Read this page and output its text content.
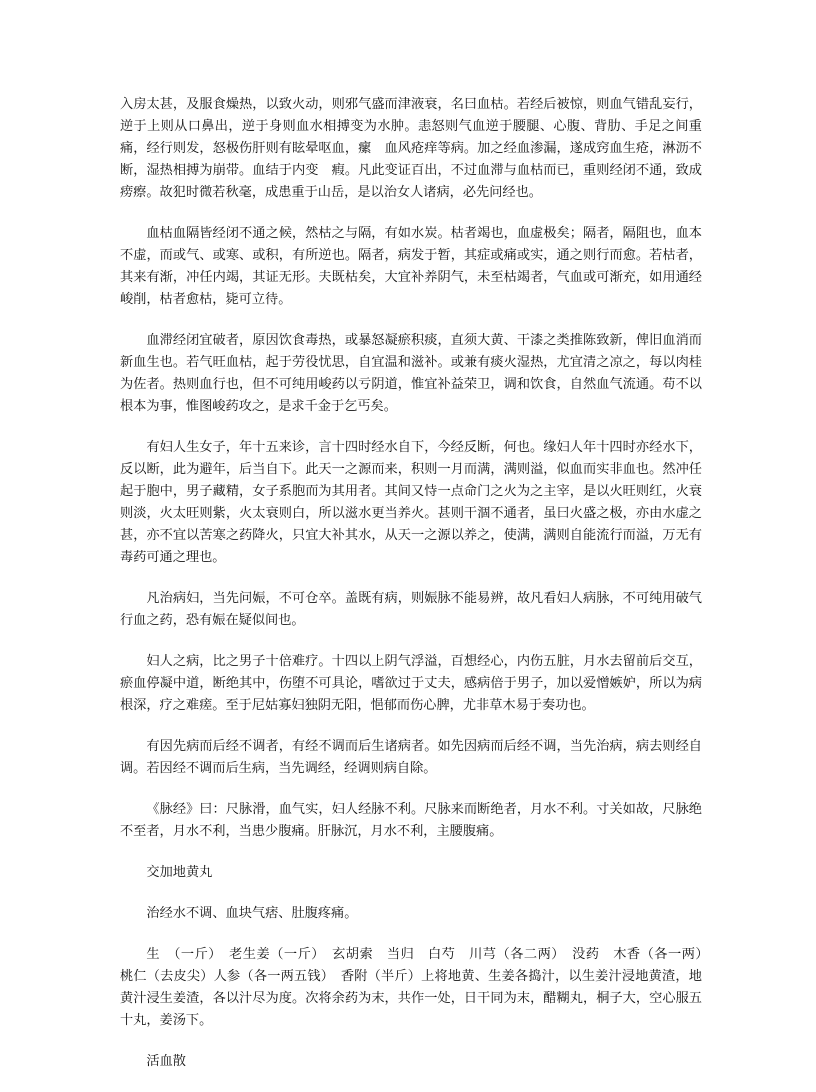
入房太甚，及服食燥热，以致火动，则邪气盛而津液衰，名曰血枯。若经后被惊，则血气错乱妄行，逆于上则从口鼻出，逆于身则血水相搏变为水肿。恚怒则气血逆于腰腿、心腹、背肋、手足之间重痛，经行则发，怒极伤肝则有眩晕呕血，瘰　血风疮痒等病。加之经血渗漏，遂成窍血生疮，淋沥不断，湿热相搏为崩带。血结于内变　瘕。凡此变证百出，不过血滞与血枯而已，重则经闭不通，致成痨瘵。故犯时微若秋毫，成患重于山岳，是以治女人诸病，必先问经也。

血枯血隔皆经闭不通之候，然枯之与隔，有如水炭。枯者竭也，血虚极矣；隔者，隔阻也，血本不虚，而或气、或寒、或积，有所逆也。隔者，病发于暂，其症或痛或实，通之则行而愈。若枯者，其来有渐，冲任内竭，其证无形。夫既枯矣，大宜补养阴气，未至枯竭者，气血或可渐充，如用通经峻削，枯者愈枯，毙可立待。

血滞经闭宜破者，原因饮食毒热，或暴怒凝瘀积痰，直须大黄、干漆之类推陈致新，俾旧血消而新血生也。若气旺血枯，起于劳役忧思，自宜温和滋补。或兼有痰火湿热，尤宜清之凉之，每以肉桂为佐者。热则血行也，但不可纯用峻药以亏阴道，惟宜补益荣卫，调和饮食，自然血气流通。苟不以根本为事，惟图峻药攻之，是求千金于乞丐矣。

有妇人生女子，年十五来诊，言十四时经水自下，今经反断，何也。缘妇人年十四时亦经水下，反以断，此为避年，后当自下。此天一之源而来，积则一月而满，满则溢，似血而实非血也。然冲任起于胞中，男子藏精，女子系胞而为其用者。其间又恃一点命门之火为之主宰，是以火旺则红，火衰则淡，火太旺则紫，火太衰则白，所以滋水更当养火。甚则干涸不通者，虽曰火盛之极，亦由水虚之甚，亦不宜以苦寒之药降火，只宜大补其水，从天一之源以养之，使满，满则自能流行而溢，万无有毒药可通之理也。

凡治病妇，当先问娠，不可仓卒。盖既有病，则娠脉不能易辨，故凡看妇人病脉，不可纯用破气行血之药，恐有娠在疑似间也。

妇人之病，比之男子十倍难疗。十四以上阴气浮溢，百想经心，内伤五脏，月水去留前后交互，瘀血停凝中道，断绝其中，伤堕不可具论，嗜欲过于丈夫，感病倍于男子，加以爱憎嫉妒，所以为病根深，疗之难瘥。至于尼姑寡妇独阴无阳，悒郁而伤心脾，尤非草木易于奏功也。

有因先病而后经不调者，有经不调而后生诸病者。如先因病而后经不调，当先治病，病去则经自调。若因经不调而后生病，当先调经，经调则病自除。

《脉经》曰：尺脉滑，血气实，妇人经脉不利。尺脉来而断绝者，月水不利。寸关如故，尺脉绝不至者，月水不利，当患少腹痛。肝脉沉，月水不利，主腰腹痛。

交加地黄丸

治经水不调、血块气痞、肚腹疼痛。

生　（一斤）　老生姜（一斤）　玄胡索　当归　白芍　川芎（各二两）　没药　木香（各一两）　桃仁（去皮尖）人参（各一两五钱）　香附（半斤）上将地黄、生姜各捣汁，以生姜汁浸地黄渣，地黄汁浸生姜渣，各以汁尽为度。次将余药为末，共作一处，日干同为末，醋糊丸，桐子大，空心服五十丸，姜汤下。

活血散
